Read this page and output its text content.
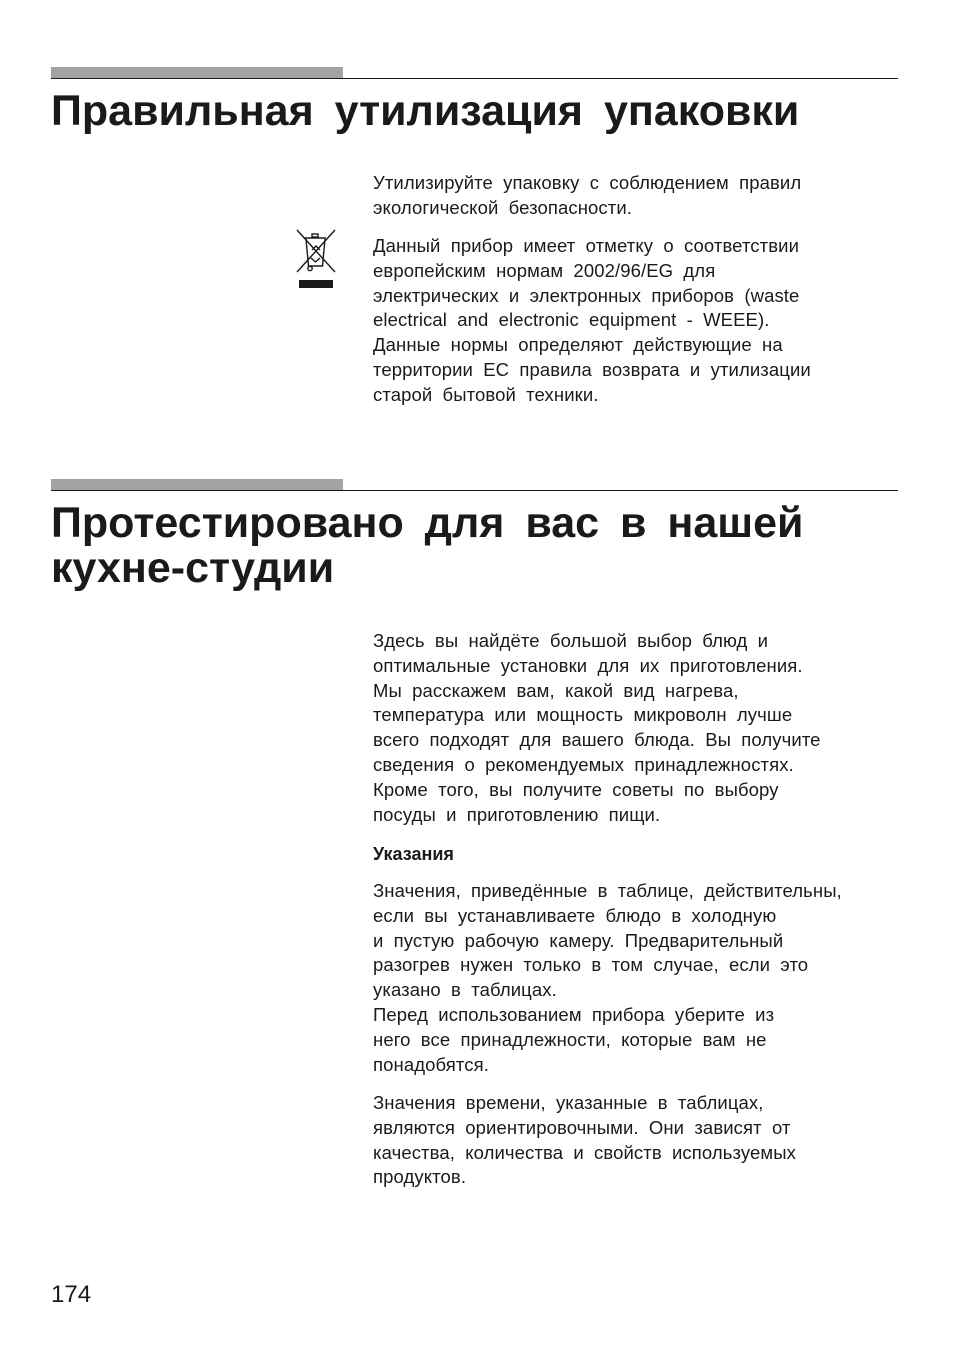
Правильная утилизация упаковки
Утилизируйте упаковку с соблюдением правил
экологической безопасности.
Данный прибор имеет отметку о соответствии
европейским нормам 2002/96/EG для
электрических и электронных приборов (waste
electrical and electronic equipment - WEEE).
Данные нормы определяют действующие на
территории ЕС правила возврата и утилизации
старой бытовой техники.
Протестировано для вас в нашей
кухне-студии
Здесь вы найдёте большой выбор блюд и
оптимальные установки для их приготовления.
Мы расскажем вам, какой вид нагрева,
температура или мощность микроволн лучше
всего подходят для вашего блюда. Вы получите
сведения о рекомендуемых принадлежностях.
Кроме того, вы получите советы по выбору
посуды и приготовлению пищи.
Указания
Значения, приведённые в таблице, действительны,
если вы устанавливаете блюдо в холодную
и пустую рабочую камеру. Предварительный
разогрев нужен только в том случае, если это
указано в таблицах.
Перед использованием прибора уберите из
него все принадлежности, которые вам не
понадобятся.
Значения времени, указанные в таблицах,
являются ориентировочными. Они зависят от
качества, количества и свойств используемых
продуктов.

174
